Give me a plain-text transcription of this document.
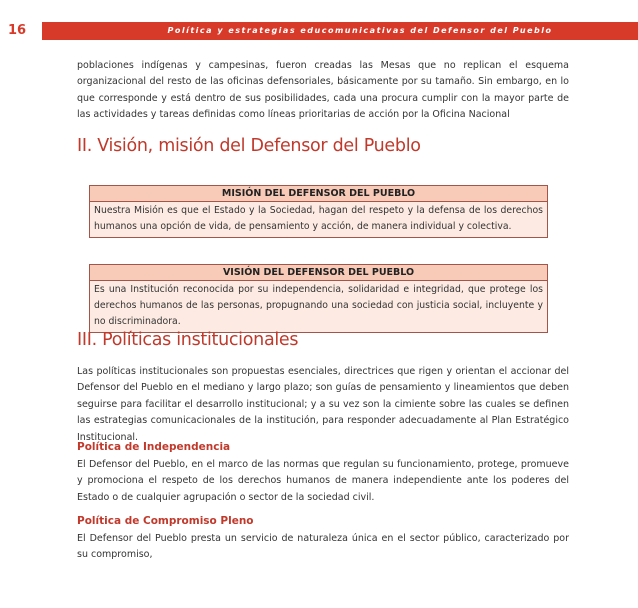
16	Política y estrategias educomunicativas del Defensor del Pueblo
poblaciones indígenas y campesinas, fueron creadas las Mesas que no replican el esquema organizacional del resto de las oficinas defensoriales, básicamente por su tamaño. Sin embargo, en lo que corresponde y está dentro de sus posibilidades, cada una procura cumplir con la mayor parte de las actividades y tareas definidas como líneas prioritarias de acción por la Oficina Nacional
II. Visión, misión del Defensor del Pueblo
MISIÓN DEL DEFENSOR DEL PUEBLO
Nuestra Misión es que el Estado y la Sociedad, hagan del respeto y la defensa de los derechos humanos una opción de vida, de pensamiento y acción, de manera individual y colectiva.
VISIÓN DEL DEFENSOR DEL PUEBLO
Es una Institución reconocida por su independencia, solidaridad e integridad, que protege los derechos humanos de las personas, propugnando una sociedad con justicia social, incluyente y no discriminadora.
III. Políticas institucionales
Las políticas institucionales son propuestas esenciales, directrices que rigen y orientan el accionar del Defensor del Pueblo en el mediano y largo plazo; son guías de pensamiento y lineamientos que deben seguirse para facilitar el desarrollo institucional; y a su vez son la cimiente sobre las cuales se definen las estrategias comunicacionales de la institución, para responder adecuadamente al Plan Estratégico Institucional.
Política de Independencia
El Defensor del Pueblo, en el marco de las normas que regulan su funcionamiento, protege, promueve y promociona el respeto de los derechos humanos de manera independiente ante los poderes del Estado o de cualquier agrupación o sector de la sociedad civil.
Política de Compromiso Pleno
El Defensor del Pueblo presta un servicio de naturaleza única en el sector público, caracterizado por su compromiso,
